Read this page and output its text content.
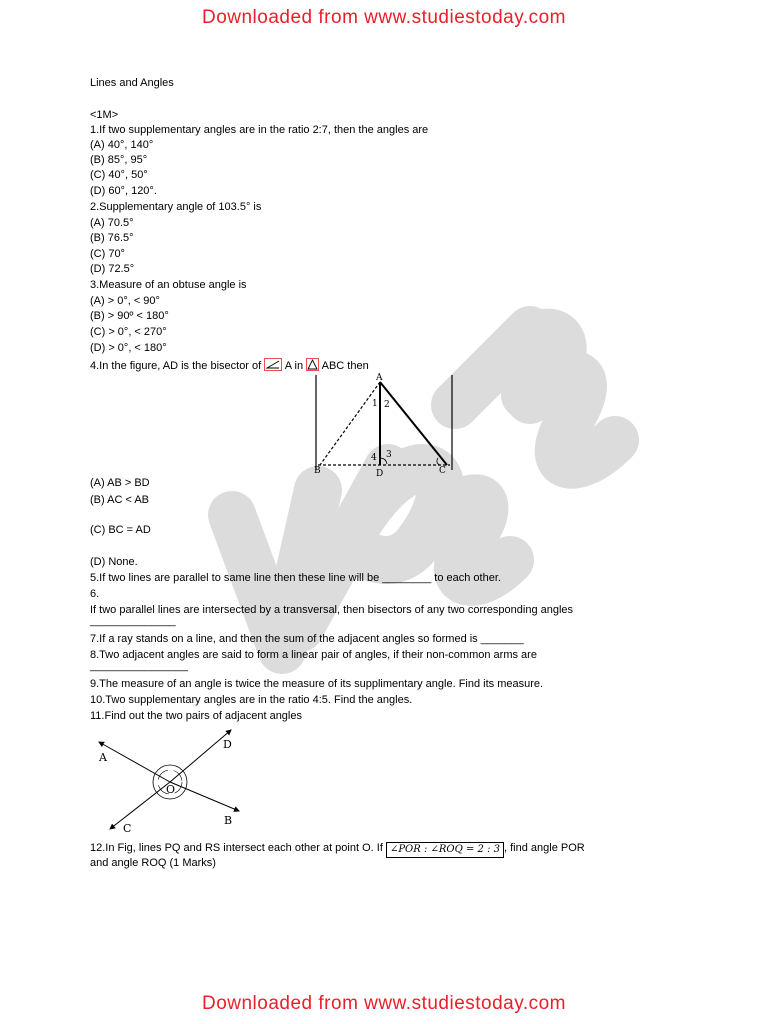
Downloaded from www.studiestoday.com
Lines and Angles
<1M>
1.If two supplementary angles are in the ratio 2:7, then the angles are
(A) 40°, 140°
(B) 85°, 95°
(C) 40°, 50°
(D) 60°, 120°.
2.Supplementary angle of 103.5° is
(A) 70.5°
(B) 76.5°
(C) 70°
(D) 72.5°
3.Measure of an obtuse angle is
(A) > 0°, < 90°
(B) > 90º < 180°
(C) > 0°, < 270°
(D) > 0°, < 180°
4.In the figure, AD is the bisector of A in ABC then
A
1 2
4 3
B	D	C
(A) AB > BD
(B) AC < AB
(C) BC = AD
(D) None.
5.If two lines are parallel to same line then these line will be ________ to each other.
6.
If two parallel lines are intersected by a transversal, then bisectors of any two corresponding angles
______________
7.If a ray stands on a line, and then the sum of the adjacent angles so formed is _______
8.Two adjacent angles are said to form a linear pair of angles, if their non-common arms are
________________
9.The measure of an angle is twice the measure of its supplimentary angle. Find its measure.
10.Two supplementary angles are in the ratio 4:5. Find the angles.
11.Find out the two pairs of adjacent angles
A
D
O
C
B
12.In Fig, lines PQ and RS intersect each other at point O. If ∠POR : ∠ROQ = 2 : 3 , find angle POR
and angle ROQ (1 Marks)
Downloaded from www.studiestoday.com
